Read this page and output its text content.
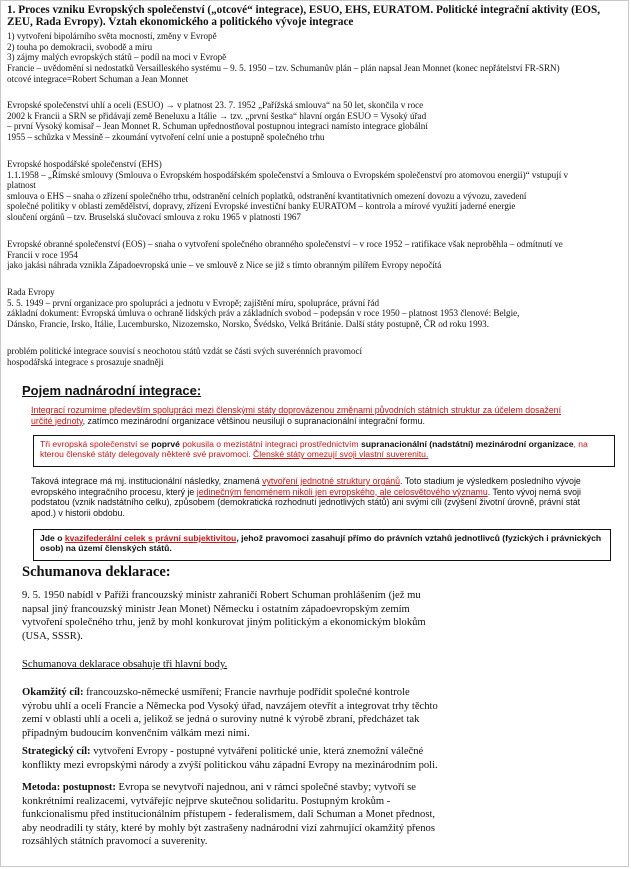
1. Proces vzniku Evropských společenství („otcové“ integrace), ESUO, EHS, EURATOM. Politické integrační aktivity (EOS,
ZEU, Rada Evropy). Vztah ekonomického a politického vývoje integrace
1) vytvoření bipolárního světa mocností, změny v Evropě
2) touha po demokracii, svobodě a míru
3) zájmy malých evropských států – podíl na moci v Evropě
Francie – uvědomění si nedostatků Versailleského systému – 9. 5. 1950 – tzv. Schumanův plán – plán napsal Jean Monnet (konec nepřátelství FR-SRN)
otcové integrace=Robert Schuman a Jean Monnet
Evropské společenství uhlí a oceli (ESUO) → v platnost 23. 7. 1952 „Pařížská smlouva“ na 50 let, skončila v roce
2002 k Francii a SRN se přidávají země Beneluxu a Itálie → tzv. „první šestka“ hlavní orgán ESUO = Vysoký úřad
– první Vysoký komisař – Jean Monnet R. Schuman upřednostňoval postupnou integraci namísto integrace globální
1955 – schůzka v Messině – zkoumání vytvoření celní unie a postupně společného trhu
Evropské hospodářské společenství (EHS)
1.1.1958 – „Římské smlouvy (Smlouva o Evropském hospodářském společenství a Smlouva o Evropském společenství pro atomovou energii)“ vstupují v
platnost
smlouva o EHS – snaha o zřízení společného trhu, odstranění celních poplatků, odstranění kvantitativních omezení dovozu a vývozu, zavedení
společné politiky v oblasti zemědělství, dopravy, zřízení Evropské investiční banky EURATOM – kontrola a mírové využití jaderné energie
sloučení orgánů – tzv. Bruselská slučovací smlouva z roku 1965 v platnosti 1967
Evropské obranné společenství (EOS) – snaha o vytvoření společného obranného společenství – v roce 1952 – ratifikace však neproběhla – odmítnutí ve
Francii v roce 1954
jako jakási náhrada vznikla Západoevropská unie – ve smlouvě z Nice se již s tímto obranným pilířem Evropy nepočítá
Rada Evropy
5. 5. 1949 – první organizace pro spolupráci a jednotu v Evropě; zajištění míru, spolupráce, právní řád
základní dokument: Evropská úmluva o ochraně lidských práv a základních svobod – podepsán v roce 1950 – platnost 1953 členové: Belgie,
Dánsko, Francie, Irsko, Itálie, Lucembursko, Nizozemsko, Norsko, Švédsko, Velká Británie. Další státy postupně, ČR od roku 1993.
problém politické integrace souvisí s neochotou států vzdát se části svých suverénních pravomocí
hospodářská integrace s prosazuje snadněji
Pojem nadnárodní integrace:
Integrací rozumíme především spolupráci mezi členskými státy doprovázenou změnami původních státních struktur za účelem dosažení
určité jednoty, zatímco mezinárodní organizace většinou neusilují o supranacionální integrační formu.
Tři evropská společenství se poprvé pokusila o mezistátní integraci prostřednictvím supranacionální (nadstátní) mezinárodní organizace, na
kterou členské státy delegovaly některé své pravomoci. Členské státy omezují svoji vlastní suverenitu.
Taková integrace má mj. institucionální následky, znamená vytvoření jednotné struktury orgánů. Toto stadium je výsledkem posledního vývoje
evropského integračního procesu, který je jedinečným fenoménem nikoli jen evropského, ale celosvětového významu. Tento vývoj nemá svoji
podstatou (vznik nadstátního celku), způsobem (demokratická rozhodnutí jednotlivých států) ani svými cíli (zvýšení životní úrovně, právní stát
apod.) v historii obdobu.
Jde o kvazifederální celek s právní subjektivitou, jehož pravomoci zasahují přímo do právních vztahů jednotlivců (fyzických i právnických
osob) na území členských států.
Schumanova deklarace:
9. 5. 1950 nabídl v Paříži francouzský ministr zahraničí Robert Schuman prohlášením (jež mu
napsal jiný francouzský ministr Jean Monet) Německu i ostatním západoevropským zemím
vytvoření společného trhu, jenž by mohl konkurovat jiným politickým a ekonomickým blokům
(USA, SSSR).
Schumanova deklarace obsahuje tři hlavní body.
Okamžitý cíl: francouzsko-německé usmíření; Francie navrhuje podřídit společné kontrole
výrobu uhlí a oceli Francie a Německa pod Vysoký úřad, navzájem otevřít a integrovat trhy těchto
zemí v oblasti uhlí a oceli a, jelikož se jedná o suroviny nutné k výrobě zbraní, předcházet tak
případným budoucím konvenčním válkám mezi nimi.
Strategický cíl: vytvoření Evropy - postupné vytváření politické unie, která znemožní válečné
konflikty mezi evropskými národy a zvýší politickou váhu západní Evropy na mezinárodním poli.
Metoda: postupnost: Evropa se nevytvoří najednou, ani v rámci společné stavby; vytvoří se
konkrétními realizacemi, vytvářejíc nejprve skutečnou solidaritu. Postupným krokům -
funkcionalismu před institucionálním přístupem - federalismem, dali Schuman a Monet přednost,
aby neodradili ty státy, které by mohly být zastrašeny nadnárodní vizí zahrnující okamžitý přenos
rozsáhlých státních pravomocí a suverenity.
